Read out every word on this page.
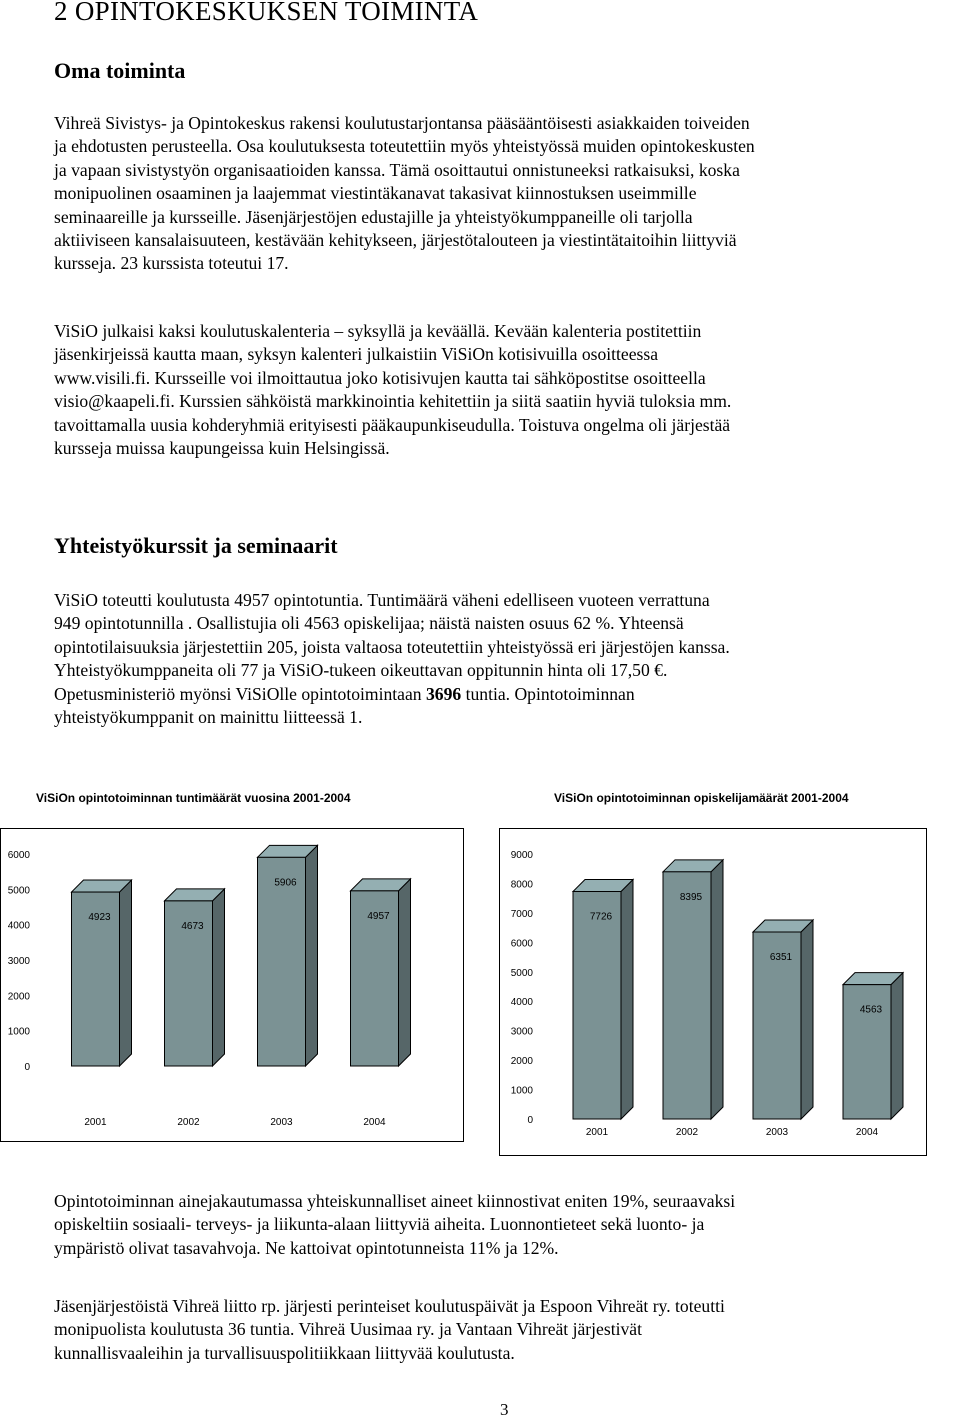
2 OPINTOKESKUKSEN TOIMINTA
Oma toiminta
Vihreä Sivistys- ja Opintokeskus rakensi koulutustarjontansa pääsääntöisesti asiakkaiden toiveiden
ja ehdotusten perusteella. Osa koulutuksesta toteutettiin myös yhteistyössä muiden opintokeskusten
ja vapaan sivistystyön organisaatioiden kanssa. Tämä osoittautui onnistuneeksi ratkaisuksi, koska
monipuolinen osaaminen ja laajemmat viestintäkanavat takasivat kiinnostuksen useimmille
seminaareille ja kursseille. Jäsenjärjestöjen edustajille ja yhteistyökumppaneille oli tarjolla
aktiiviseen kansalaisuuteen, kestävään kehitykseen, järjestötalouteen ja viestintätaitoihin liittyviä
kursseja. 23 kurssista toteutui 17.
ViSiO julkaisi kaksi koulutuskalenteria – syksyllä ja keväällä. Kevään kalenteria postitettiin
jäsenkirjeissä kautta maan, syksyn kalenteri julkaistiin ViSiOn kotisivuilla osoitteessa
www.visili.fi. Kursseille voi ilmoittautua joko kotisivujen kautta tai sähköpostitse osoitteella
visio@kaapeli.fi. Kurssien sähköistä markkinointia kehitettiin ja siitä saatiin hyviä tuloksia mm.
tavoittamalla uusia kohderyhmiä erityisesti pääkaupunkiseudulla. Toistuva ongelma oli järjestää
kursseja muissa kaupungeissa kuin Helsingissä.
Yhteistyökurssit ja seminaarit
ViSiO toteutti koulutusta 4957 opintotuntia. Tuntimäärä väheni edelliseen vuoteen verrattuna
949 opintotunnilla . Osallistujia oli 4563 opiskelijaa; näistä naisten osuus 62 %. Yhteensä
opintotilaisuuksia järjestettiin 205, joista valtaosa toteutettiin yhteistyössä eri järjestöjen kanssa.
Yhteistyökumppaneita oli 77 ja ViSiO-tukeen oikeuttavan oppitunnin hinta oli 17,50 €.
Opetusministeriö myönsi ViSiOlle opintotoimintaan 3696 tuntia. Opintotoiminnan
yhteistyökumppanit on mainittu liitteessä 1.
ViSiOn opintotoiminnan tuntimäärät vuosina 2001-2004
0
1000
2000
3000
4000
5000
6000
4923
2001
4673
2002
5906
2003
4957
2004
ViSiOn opintotoiminnan opiskelijamäärät 2001-2004
0
1000
2000
3000
4000
5000
6000
7000
8000
9000
7726
2001
8395
2002
6351
2003
4563
2004
Opintotoiminnan ainejakautumassa yhteiskunnalliset aineet kiinnostivat eniten 19%, seuraavaksi
opiskeltiin sosiaali- terveys- ja liikunta-alaan liittyviä aiheita. Luonnontieteet sekä luonto- ja
ympäristö olivat tasavahvoja. Ne kattoivat opintotunneista 11% ja 12%.
Jäsenjärjestöistä Vihreä liitto rp. järjesti perinteiset koulutuspäivät ja Espoon Vihreät ry. toteutti
monipuolista koulutusta 36 tuntia. Vihreä Uusimaa ry. ja Vantaan Vihreät järjestivät
kunnallisvaaleihin ja turvallisuuspolitiikkaan liittyvää koulutusta.
3
